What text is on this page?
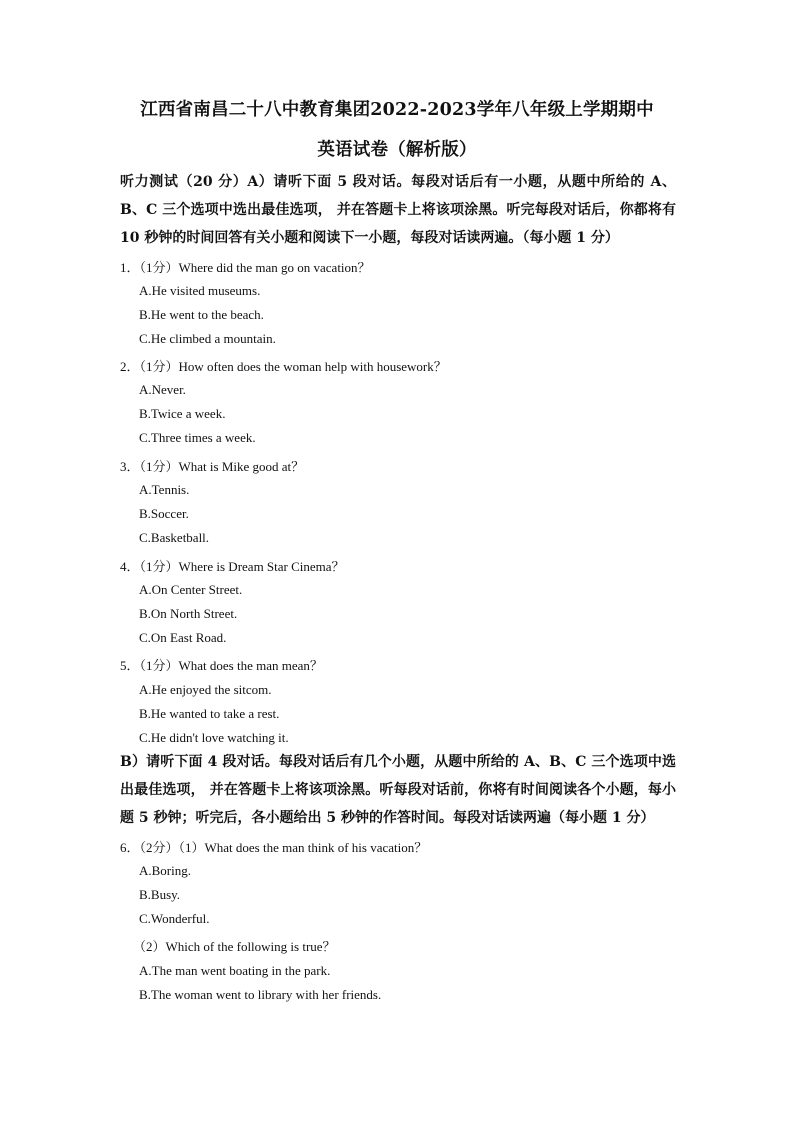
江西省南昌二十八中教育集团2022-2023学年八年级上学期期中
英语试卷（解析版）
听力测试（20 分）A）请听下面 5 段对话。每段对话后有一小题，从题中所给的 A、B、C 三个选项中选出最佳选项， 并在答题卡上将该项涂黑。听完每段对话后，你都将有 10 秒钟的时间回答有关小题和阅读下一小题，每段对话读两遍。（每小题 1 分）
1．（1分）Where did the man go on vacation？
A.He visited museums.
B.He went to the beach.
C.He climbed a mountain.
2．（1分）How often does the woman help with housework？
A.Never.
B.Twice a week.
C.Three times a week.
3．（1分）What is Mike good at？
A.Tennis.
B.Soccer.
C.Basketball.
4．（1分）Where is Dream Star Cinema？
A.On Center Street.
B.On North Street.
C.On East Road.
5．（1分）What does the man mean？
A.He enjoyed the sitcom.
B.He wanted to take a rest.
C.He didn't love watching it.
B）请听下面 4 段对话。每段对话后有几个小题，从题中所给的 A、B、C 三个选项中选出最佳选项， 并在答题卡上将该项涂黑。听每段对话前，你将有时间阅读各个小题，每小题 5 秒钟；听完后，各小题给出 5 秒钟的作答时间。每段对话读两遍（每小题 1 分）
6．（2分）（1）What does the man think of his vacation？
A.Boring.
B.Busy.
C.Wonderful.
（2）Which of the following is true？
A.The man went boating in the park.
B.The woman went to library with her friends.
